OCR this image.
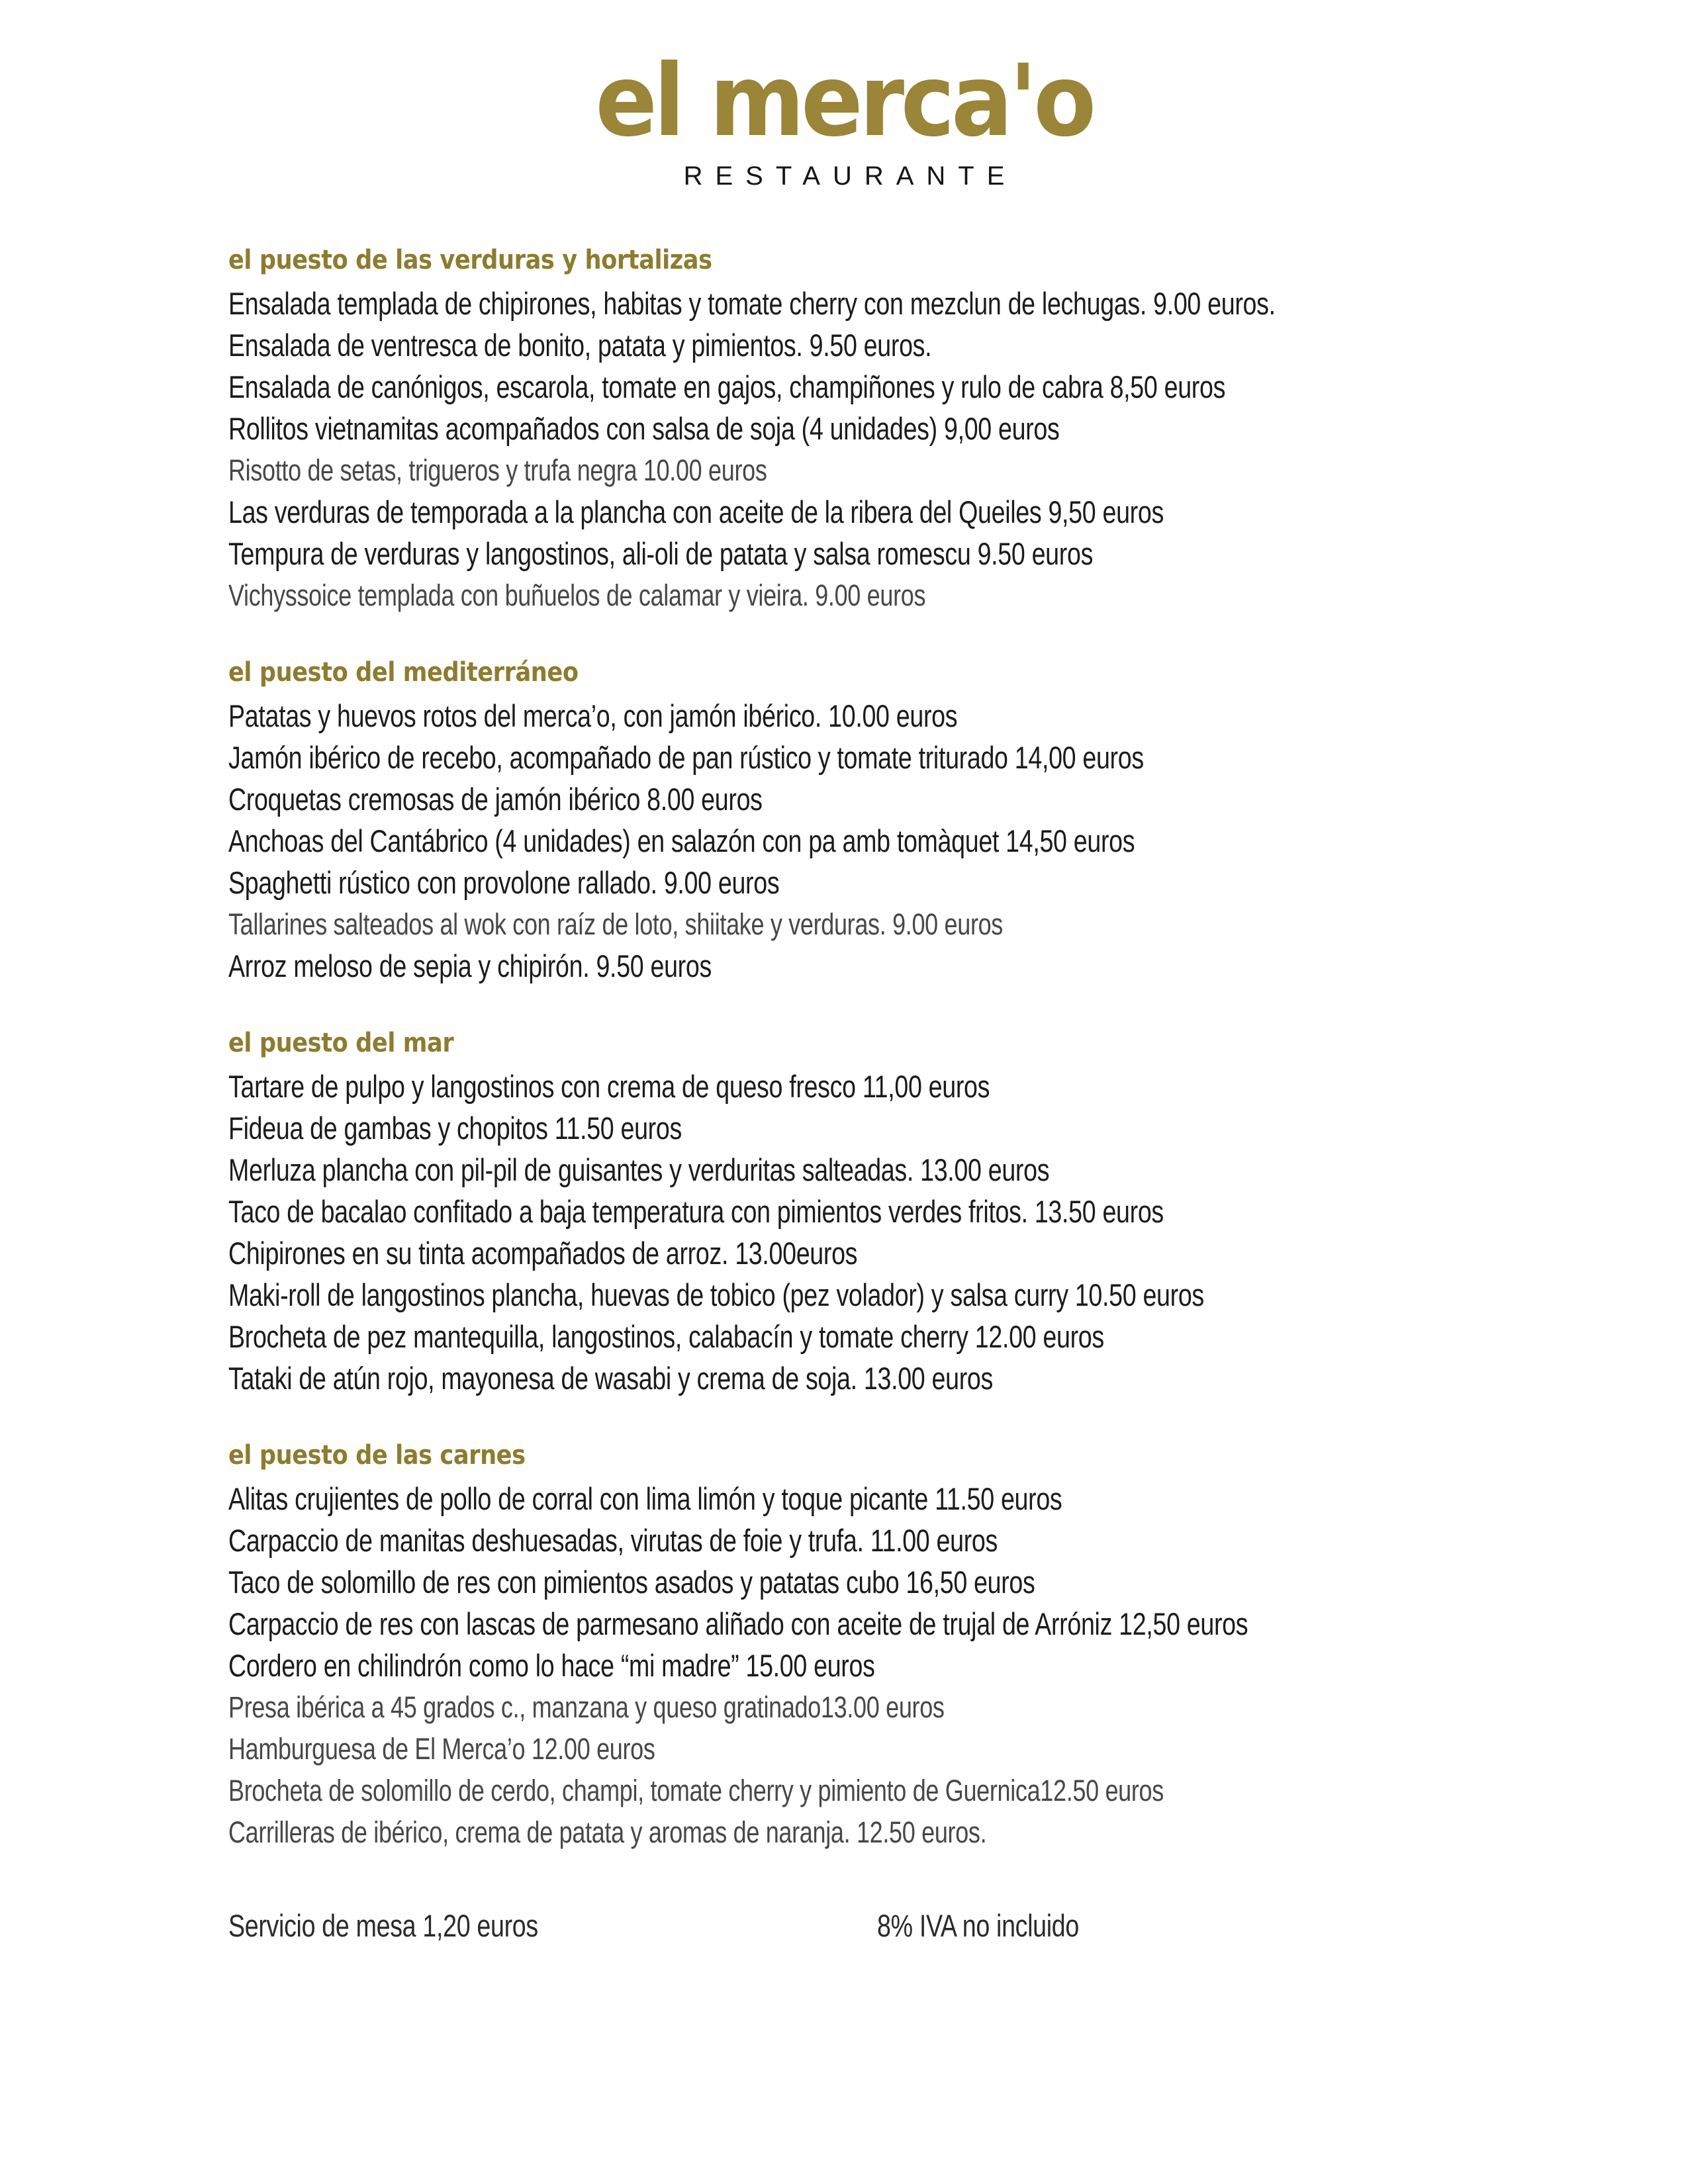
el merca'o
RESTAURANTE
el puesto de las verduras y hortalizas
Ensalada templada de chipirones, habitas y tomate cherry con mezclun de lechugas. 9.00 euros.
Ensalada de ventresca de bonito, patata y pimientos. 9.50 euros.
Ensalada de canónigos, escarola, tomate en gajos, champiñones y rulo de cabra 8,50 euros
Rollitos vietnamitas acompañados con salsa de soja (4 unidades) 9,00 euros
Risotto de setas, trigueros y trufa negra 10.00 euros
Las verduras de temporada a la plancha con aceite de la ribera del Queiles 9,50 euros
Tempura de verduras y langostinos, ali-oli de patata y salsa romescu 9.50 euros
Vichyssoice templada con buñuelos de calamar y vieira. 9.00 euros
el puesto del mediterráneo
Patatas y huevos rotos del merca’o, con jamón ibérico. 10.00 euros
Jamón ibérico de recebo, acompañado de pan rústico y tomate triturado 14,00 euros
Croquetas cremosas de jamón ibérico 8.00 euros
Anchoas del Cantábrico (4 unidades) en salazón con pa amb tomàquet 14,50 euros
Spaghetti rústico con provolone rallado. 9.00 euros
Tallarines salteados al wok con raíz de loto, shiitake y verduras. 9.00 euros
Arroz meloso de sepia y chipirón. 9.50 euros
el puesto del mar
Tartare de pulpo y langostinos con crema de queso fresco 11,00 euros
Fideua de gambas y chopitos 11.50 euros
Merluza plancha con pil-pil de guisantes y verduritas salteadas. 13.00 euros
Taco de bacalao confitado a baja temperatura con pimientos verdes fritos. 13.50 euros
Chipirones en su tinta acompañados de arroz. 13.00euros
Maki-roll de langostinos plancha, huevas de tobico (pez volador) y salsa curry 10.50 euros
Brocheta de pez mantequilla, langostinos, calabacín y tomate cherry 12.00 euros
Tataki de atún rojo, mayonesa de wasabi y crema de soja. 13.00 euros
el puesto de las carnes
Alitas crujientes de pollo de corral con lima limón y toque picante 11.50 euros
Carpaccio de manitas deshuesadas, virutas de foie y trufa. 11.00 euros
Taco de solomillo de res con pimientos asados y patatas cubo 16,50 euros
Carpaccio de res con lascas de parmesano aliñado con aceite de trujal de Arróniz 12,50 euros
Cordero en chilindrón como lo hace “mi madre” 15.00 euros
Presa ibérica a 45 grados c., manzana y queso gratinado13.00 euros
Hamburguesa de El Merca’o 12.00 euros
Brocheta de solomillo de cerdo, champi, tomate cherry y pimiento de Guernica12.50 euros
Carrilleras de ibérico, crema de patata y aromas de naranja. 12.50 euros.
Servicio de mesa 1,20 euros	8% IVA no incluido
